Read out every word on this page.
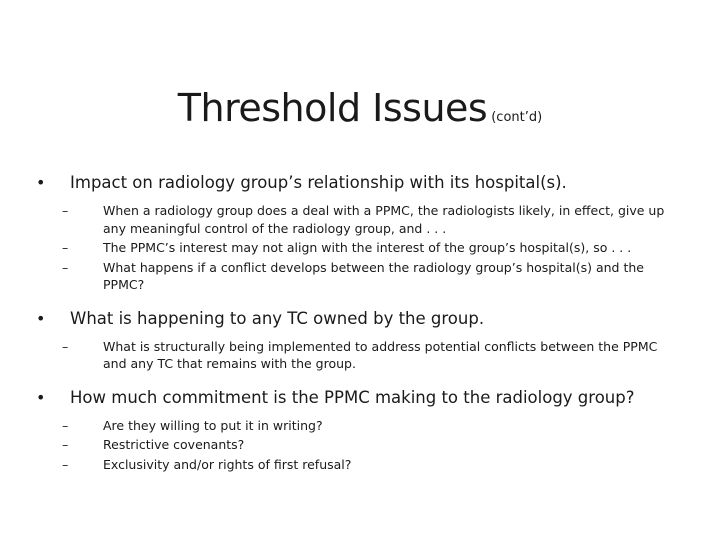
Threshold Issues (cont’d)
• Impact on radiology group’s relationship with its hospital(s).
–	When a radiology group does a deal with a PPMC, the radiologists likely, in effect, give up any meaningful control of the radiology group, and . . .
–	The PPMC’s interest may not align with the interest of the group’s hospital(s), so . . .
–	What happens if a conflict develops between the radiology group’s hospital(s) and the PPMC?
• What is happening to any TC owned by the group.
–	What is structurally being implemented to address potential conflicts between the PPMC and any TC that remains with the group.
• How much commitment is the PPMC making to the radiology group?
–	Are they willing to put it in writing?
–	Restrictive covenants?
–	Exclusivity and/or rights of first refusal?
